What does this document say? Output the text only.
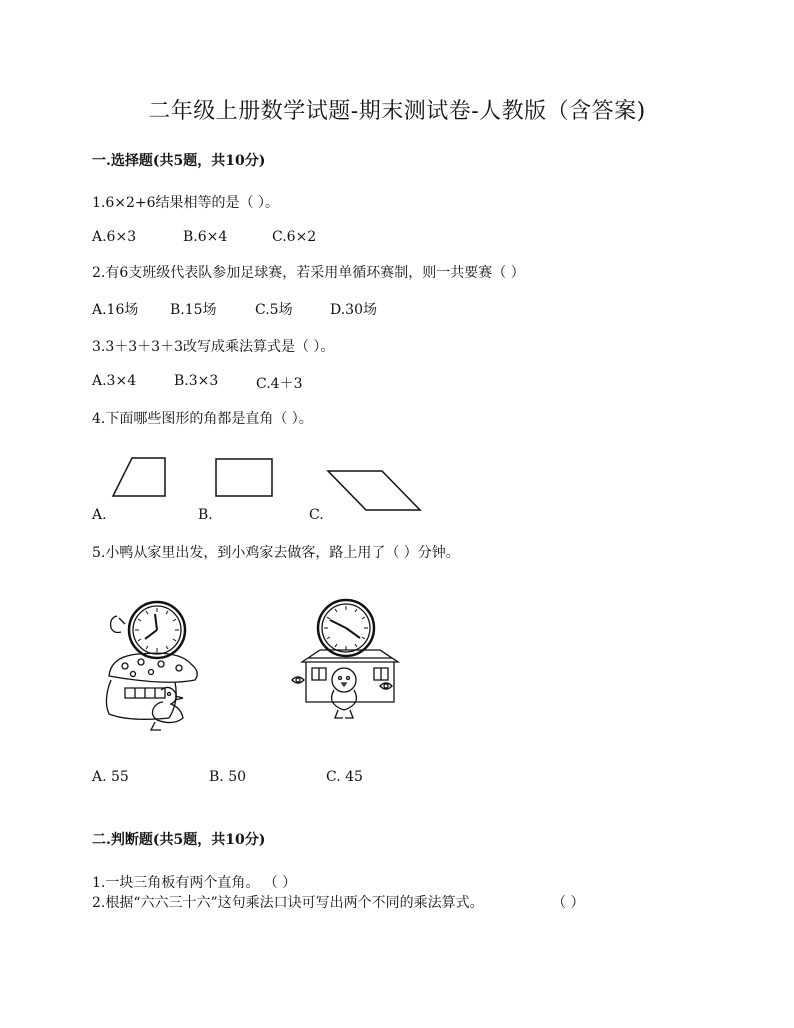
二年级上册数学试题-期末测试卷-人教版（含答案)
一.选择题(共5题，共10分)
1.6×2+6结果相等的是（ ）。
A.6×3	B.6×4	C.6×2
2.有6支班级代表队参加足球赛，若采用单循环赛制，则一共要赛（ ）
A.16场 B.15场	C.5场	D.30场
3.3＋3＋3＋3改写成乘法算式是（ ）。
A.3×4	B.3×3	C.4＋3
4.下面哪些图形的角都是直角（ ）。
A.	B.	C.
5.小鸭从家里出发，到小鸡家去做客，路上用了（ ）分钟。
A. 55	B. 50	C. 45
二.判断题(共5题，共10分)
1.一块三角板有两个直角。 （ ）
2.根据“六六三十六”这句乘法口诀可写出两个不同的乘法算式。	（ ）
